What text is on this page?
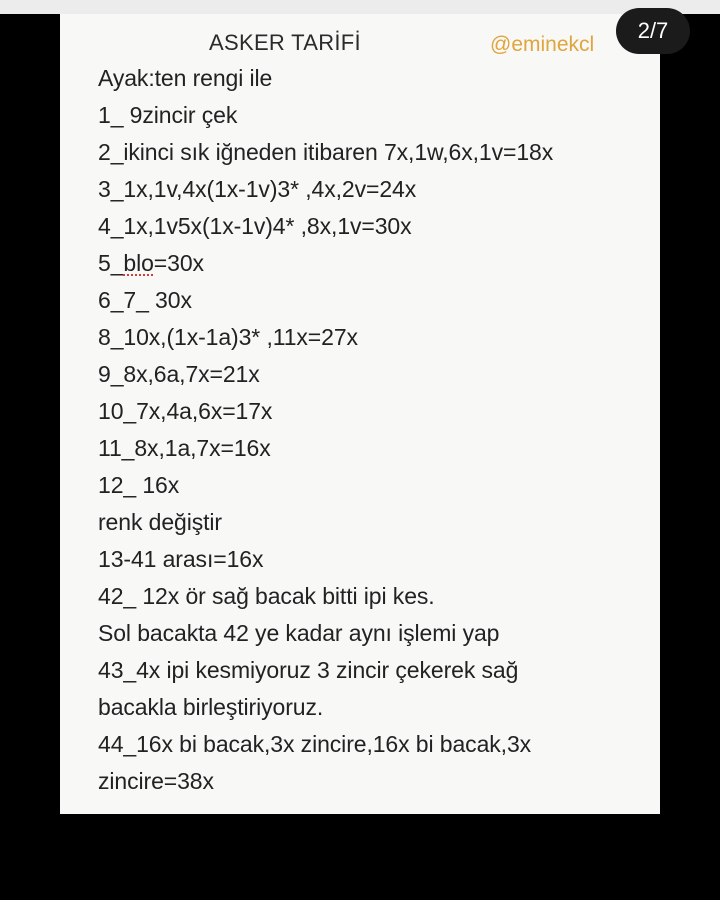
ASKER TARİFİ	@eminekcl
Ayak:ten rengi ile
1_ 9zincir çek
2_ikinci sık iğneden itibaren 7x,1w,6x,1v=18x
3_1x,1v,4x(1x-1v)3* ,4x,2v=24x
4_1x,1v5x(1x-1v)4* ,8x,1v=30x
5_blo=30x
6_7_ 30x
8_10x,(1x-1a)3* ,11x=27x
9_8x,6a,7x=21x
10_7x,4a,6x=17x
11_8x,1a,7x=16x
12_ 16x
renk değiştir
13-41 arası=16x
42_ 12x ör sağ bacak bitti ipi kes.
Sol bacakta 42 ye kadar aynı işlemi yap
43_4x ipi kesmiyoruz 3 zincir çekerek sağ
bacakla birleştiriyoruz.
44_16x bi bacak,3x zincire,16x bi bacak,3x
zincire=38x
2/7
